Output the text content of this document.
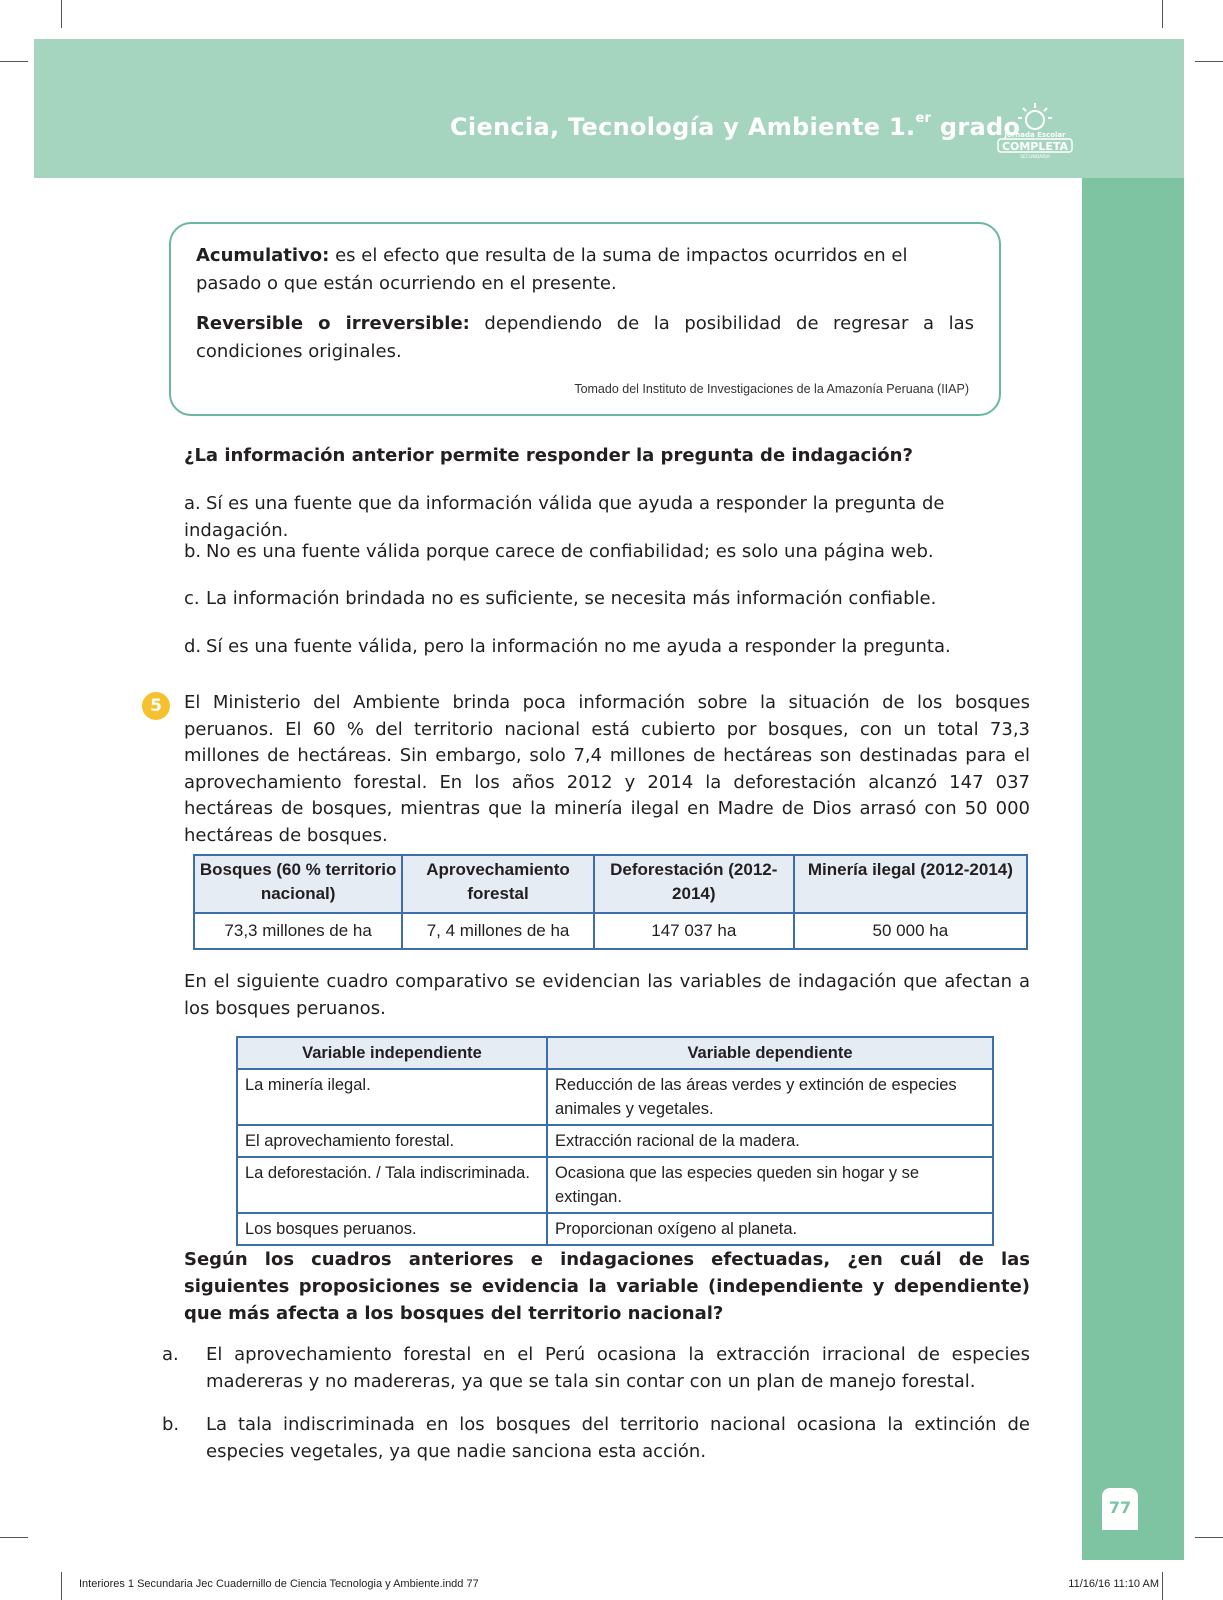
Ciencia, Tecnología y Ambiente 1.$^{er}$ grado
Jornada Escolar
COMPLETA
SECUNDARIA
77

Acumulativo: es el efecto que resulta de la suma de impactos ocurridos en el pasado o que están ocurriendo en el presente.

Reversible o irreversible: dependiendo de la posibilidad de regresar a las condiciones originales.

Tomado del Instituto de Investigaciones de la Amazonía Peruana (IIAP)

¿La información anterior permite responder la pregunta de indagación?

a. Sí es una fuente que da información válida que ayuda a responder la pregunta de indagación.

b. No es una fuente válida porque carece de confiabilidad; es solo una página web.

c. La información brindada no es suficiente, se necesita más información confiable.

d. Sí es una fuente válida, pero la información no me ayuda a responder la pregunta.

5	El Ministerio del Ambiente brinda poca información sobre la situación de los bosques peruanos. El 60 % del territorio nacional está cubierto por bosques, con un total 73,3 millones de hectáreas. Sin embargo, solo 7,4 millones de hectáreas son destinadas para el aprovechamiento forestal. En los años 2012 y 2014 la deforestación alcanzó 147 037 hectáreas de bosques, mientras que la minería ilegal en Madre de Dios arrasó con 50 000 hectáreas de bosques.

Bosques (60 % territorio nacional)	Aprovechamiento forestal	Deforestación (2012-2014)	Minería ilegal (2012-2014)
73,3 millones de ha	7, 4 millones de ha	147 037 ha	50 000 ha

En el siguiente cuadro comparativo se evidencian las variables de indagación que afectan a los bosques peruanos.

Variable independiente	Variable dependiente
La minería ilegal.	Reducción de las áreas verdes y extinción de especies animales y vegetales.
El aprovechamiento forestal.	Extracción racional de la madera.
La deforestación. / Tala indiscriminada.	Ocasiona que las especies queden sin hogar y se extingan.
Los bosques peruanos.	Proporcionan oxígeno al planeta.

Según los cuadros anteriores e indagaciones efectuadas, ¿en cuál de las siguientes proposiciones se evidencia la variable (independiente y dependiente) que más afecta a los bosques del territorio nacional?

a. El aprovechamiento forestal en el Perú ocasiona la extracción irracional de especies madereras y no madereras, ya que se tala sin contar con un plan de manejo forestal.

b. La tala indiscriminada en los bosques del territorio nacional ocasiona la extinción de especies vegetales, ya que nadie sanciona esta acción.

Interiores 1 Secundaria Jec Cuadernillo de Ciencia Tecnologia y Ambiente.indd 77	11/16/16 11:10 AM
